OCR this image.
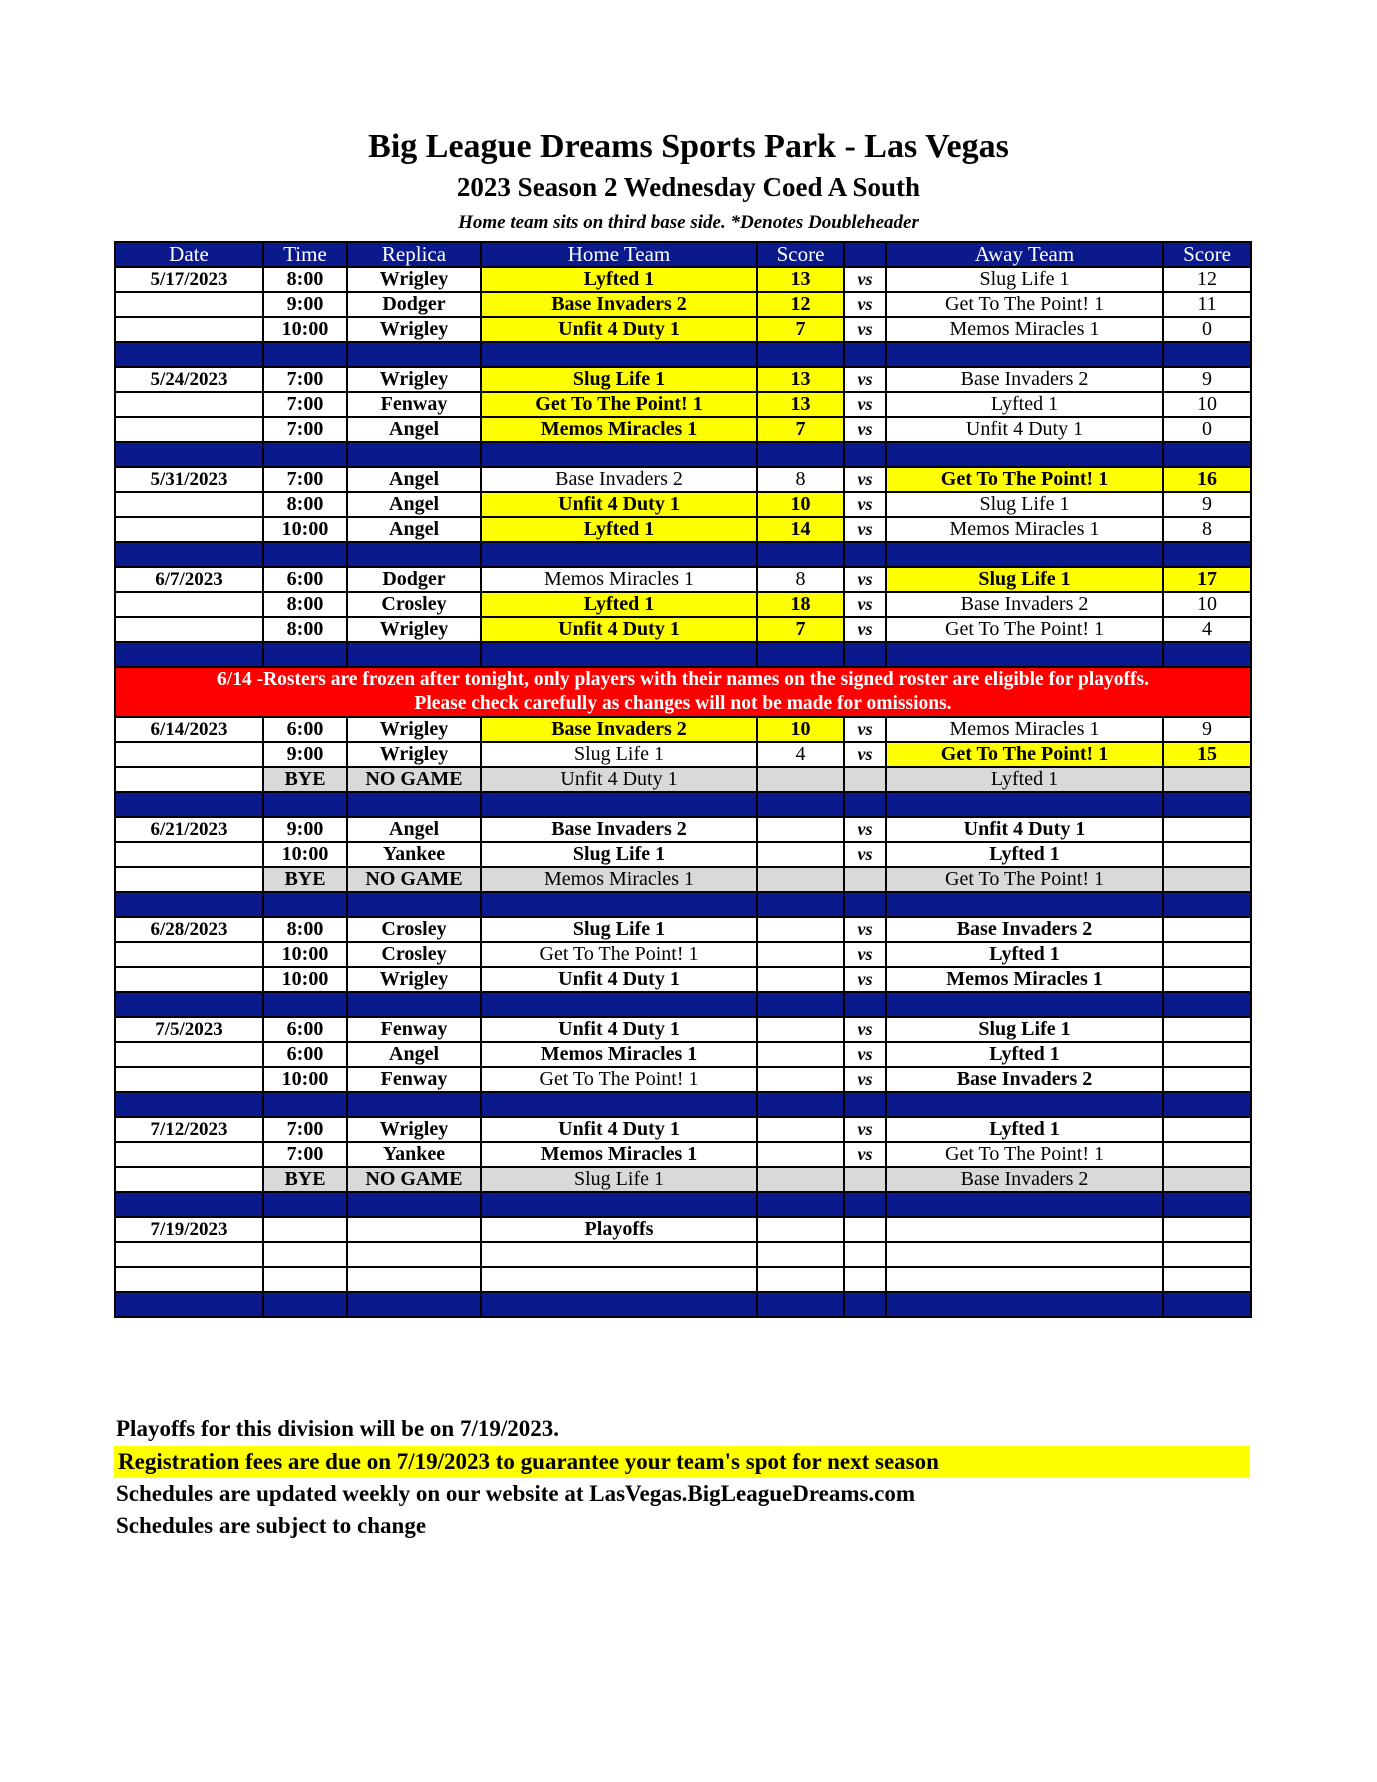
Big League Dreams Sports Park - Las Vegas
2023 Season 2 Wednesday Coed A South
Home team sits on third base side. *Denotes Doubleheader
Date	Time	Replica	Home Team	Score		Away Team	Score
5/17/2023	8:00	Wrigley	Lyfted 1	13	vs	Slug Life 1	12
	9:00	Dodger	Base Invaders 2	12	vs	Get To The Point! 1	11
	10:00	Wrigley	Unfit 4 Duty 1	7	vs	Memos Miracles 1	0

5/24/2023	7:00	Wrigley	Slug Life 1	13	vs	Base Invaders 2	9
	7:00	Fenway	Get To The Point! 1	13	vs	Lyfted 1	10
	7:00	Angel	Memos Miracles 1	7	vs	Unfit 4 Duty 1	0

5/31/2023	7:00	Angel	Base Invaders 2	8	vs	Get To The Point! 1	16
	8:00	Angel	Unfit 4 Duty 1	10	vs	Slug Life 1	9
	10:00	Angel	Lyfted 1	14	vs	Memos Miracles 1	8

6/7/2023	6:00	Dodger	Memos Miracles 1	8	vs	Slug Life 1	17
	8:00	Crosley	Lyfted 1	18	vs	Base Invaders 2	10
	8:00	Wrigley	Unfit 4 Duty 1	7	vs	Get To The Point! 1	4

6/14 -Rosters are frozen after tonight, only players with their names on the signed roster are eligible for playoffs.
Please check carefully as changes will not be made for omissions.							

6/14/2023	6:00	Wrigley	Base Invaders 2	10	vs	Memos Miracles 1	9
	9:00	Wrigley	Slug Life 1	4	vs	Get To The Point! 1	15
	BYE	NO GAME	Unfit 4 Duty 1			Lyfted 1	

6/21/2023	9:00	Angel	Base Invaders 2		vs	Unfit 4 Duty 1	
	10:00	Yankee	Slug Life 1		vs	Lyfted 1	
	BYE	NO GAME	Memos Miracles 1			Get To The Point! 1	

6/28/2023	8:00	Crosley	Slug Life 1		vs	Base Invaders 2	
	10:00	Crosley	Get To The Point! 1		vs	Lyfted 1	
	10:00	Wrigley	Unfit 4 Duty 1		vs	Memos Miracles 1	

7/5/2023	6:00	Fenway	Unfit 4 Duty 1		vs	Slug Life 1	
	6:00	Angel	Memos Miracles 1		vs	Lyfted 1	
	10:00	Fenway	Get To The Point! 1		vs	Base Invaders 2	

7/12/2023	7:00	Wrigley	Unfit 4 Duty 1		vs	Lyfted 1	
	7:00	Yankee	Memos Miracles 1		vs	Get To The Point! 1	
	BYE	NO GAME	Slug Life 1			Base Invaders 2	

7/19/2023			Playoffs				

Playoffs for this division will be on 7/19/2023.
Registration fees are due on 7/19/2023 to guarantee your team's spot for next season
Schedules are updated weekly on our website at LasVegas.BigLeagueDreams.com
Schedules are subject to change
